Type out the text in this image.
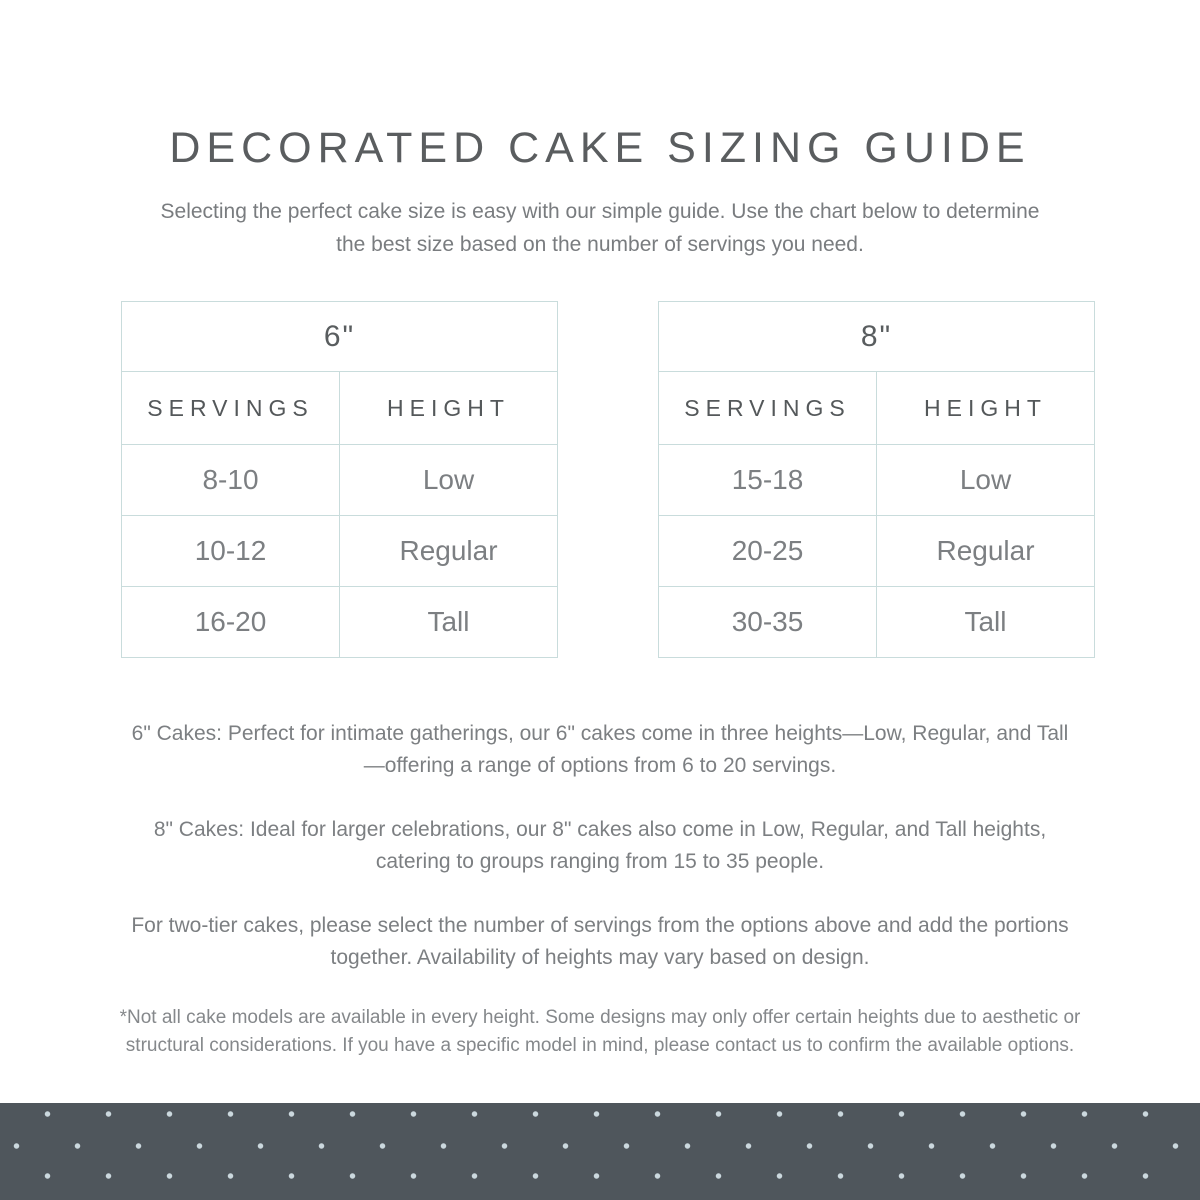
DECORATED CAKE SIZING GUIDE

Selecting the perfect cake size is easy with our simple guide. Use the chart below to determine the best size based on the number of servings you need.

6"	
SERVINGS	HEIGHT
8-10	Low
10-12	Regular
16-20	Tall
8"	
SERVINGS	HEIGHT
15-18	Low
20-25	Regular
30-35	Tall

6" Cakes: Perfect for intimate gatherings, our 6" cakes come in three heights—Low, Regular, and Tall—offering a range of options from 6 to 20 servings.

8" Cakes: Ideal for larger celebrations, our 8" cakes also come in Low, Regular, and Tall heights, catering to groups ranging from 15 to 35 people.

For two-tier cakes, please select the number of servings from the options above and add the portions together. Availability of heights may vary based on design.

*Not all cake models are available in every height. Some designs may only offer certain heights due to aesthetic or structural considerations. If you have a specific model in mind, please contact us to confirm the available options.
